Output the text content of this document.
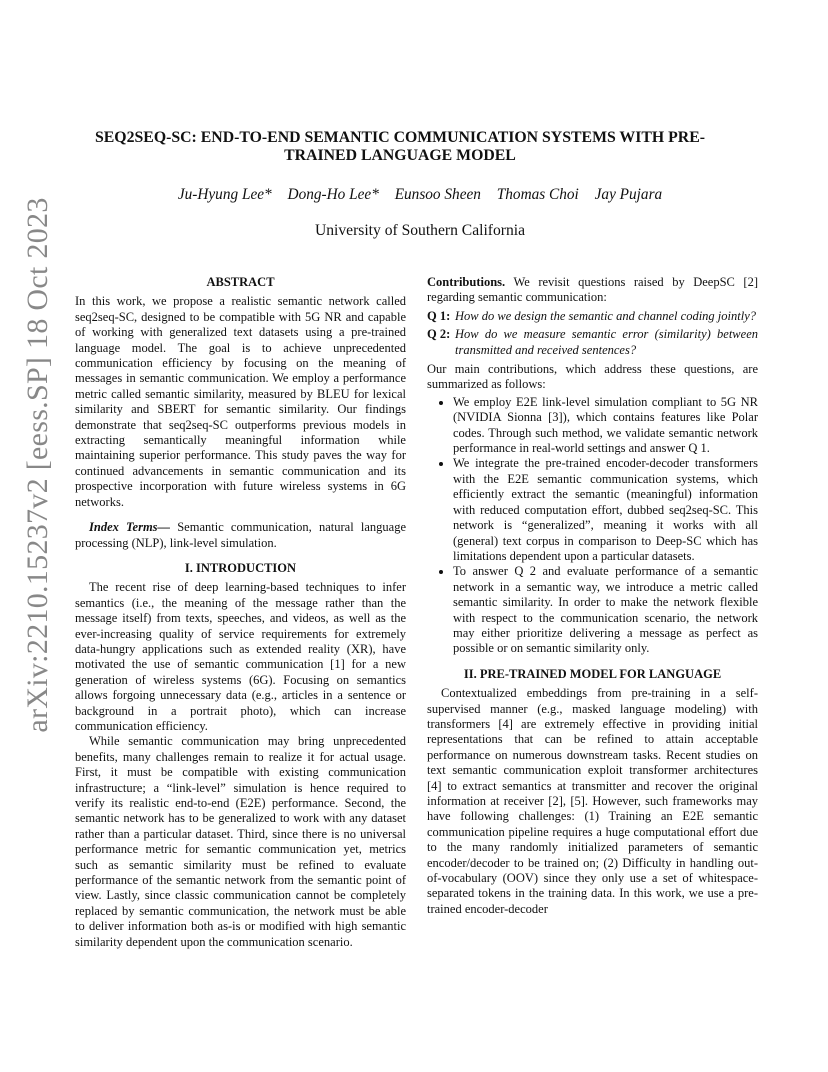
arXiv:2210.15237v2 [eess.SP] 18 Oct 2023
SEQ2SEQ-SC: END-TO-END SEMANTIC COMMUNICATION SYSTEMS WITH PRE-TRAINED LANGUAGE MODEL
Ju-Hyung Lee* Dong-Ho Lee* Eunsoo Sheen Thomas Choi Jay Pujara
University of Southern California
ABSTRACT

In this work, we propose a realistic semantic network called seq2seq-SC, designed to be compatible with 5G NR and capable of working with generalized text datasets using a pre-trained language model. The goal is to achieve unprecedented communication efficiency by focusing on the meaning of messages in semantic communication. We employ a performance metric called semantic similarity, measured by BLEU for lexical similarity and SBERT for semantic similarity. Our findings demonstrate that seq2seq-SC outperforms previous models in extracting semantically meaningful information while maintaining superior performance. This study paves the way for continued advancements in semantic communication and its prospective incorporation with future wireless systems in 6G networks.

Index Terms— Semantic communication, natural language processing (NLP), link-level simulation.

I. INTRODUCTION

The recent rise of deep learning-based techniques to infer semantics (i.e., the meaning of the message rather than the message itself) from texts, speeches, and videos, as well as the ever-increasing quality of service requirements for extremely data-hungry applications such as extended reality (XR), have motivated the use of semantic communication [1] for a new generation of wireless systems (6G). Focusing on semantics allows forgoing unnecessary data (e.g., articles in a sentence or background in a portrait photo), which can increase communication efficiency.

While semantic communication may bring unprecedented benefits, many challenges remain to realize it for actual usage. First, it must be compatible with existing communication infrastructure; a “link-level” simulation is hence required to verify its realistic end-to-end (E2E) performance. Second, the semantic network has to be generalized to work with any dataset rather than a particular dataset. Third, since there is no universal performance metric for semantic communication yet, metrics such as semantic similarity must be refined to evaluate performance of the semantic network from the semantic point of view. Lastly, since classic communication cannot be completely replaced by semantic communication, the network must be able to deliver information both as-is or modified with high semantic similarity dependent upon the communication scenario.

Contributions. We revisit questions raised by DeepSC [2] regarding semantic communication:

Q 1: How do we design the semantic and channel coding jointly?
Q 2: How do we measure semantic error (similarity) between transmitted and received sentences?

Our main contributions, which address these questions, are summarized as follows:

• We employ E2E link-level simulation compliant to 5G NR (NVIDIA Sionna [3]), which contains features like Polar codes. Through such method, we validate semantic network performance in real-world settings and answer Q 1.
• We integrate the pre-trained encoder-decoder transformers with the E2E semantic communication systems, which efficiently extract the semantic (meaningful) information with reduced computation effort, dubbed seq2seq-SC. This network is “generalized”, meaning it works with all (general) text corpus in comparison to Deep-SC which has limitations dependent upon a particular datasets.
• To answer Q 2 and evaluate performance of a semantic network in a semantic way, we introduce a metric called semantic similarity. In order to make the network flexible with respect to the communication scenario, the network may either prioritize delivering a message as perfect as possible or on semantic similarity only.
II. PRE-TRAINED MODEL FOR LANGUAGE

Contextualized embeddings from pre-training in a self-supervised manner (e.g., masked language modeling) with transformers [4] are extremely effective in providing initial representations that can be refined to attain acceptable performance on numerous downstream tasks. Recent studies on text semantic communication exploit transformer architectures [4] to extract semantics at transmitter and recover the original information at receiver [2], [5]. However, such frameworks may have following challenges: (1) Training an E2E semantic communication pipeline requires a huge computational effort due to the many randomly initialized parameters of semantic encoder/decoder to be trained on; (2) Difficulty in handling out-of-vocabulary (OOV) since they only use a set of whitespace-separated tokens in the training data. In this work, we use a pre-trained encoder-decoder
